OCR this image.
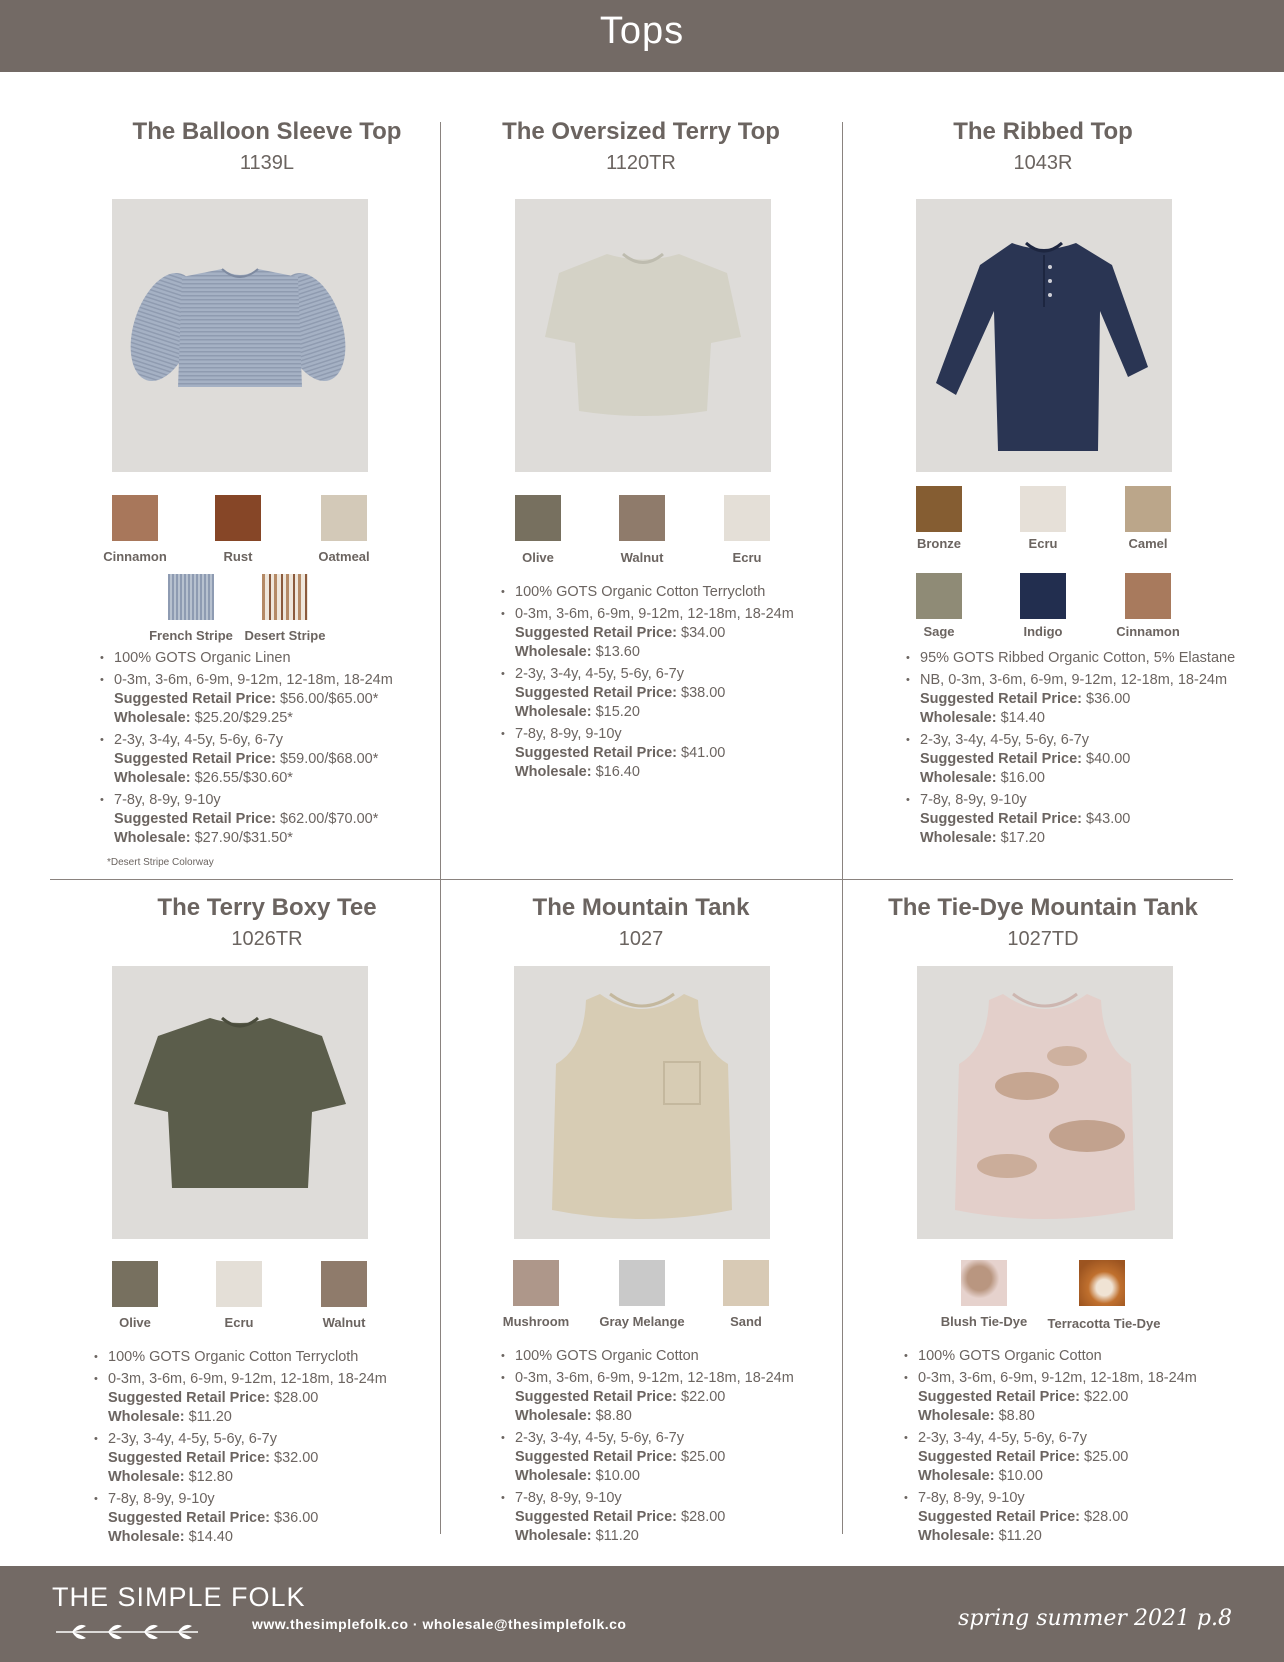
Tops
The Balloon Sleeve Top
1139L
Cinnamon	Rust	Oatmeal
French Stripe Desert Stripe
• 100% GOTS Organic Linen
• 0-3m, 3-6m, 6-9m, 9-12m, 12-18m, 18-24m
Suggested Retail Price: $56.00/$65.00*
Wholesale: $25.20/$29.25*
• 2-3y, 3-4y, 4-5y, 5-6y, 6-7y
Suggested Retail Price: $59.00/$68.00*
Wholesale: $26.55/$30.60*
• 7-8y, 8-9y, 9-10y
Suggested Retail Price: $62.00/$70.00*
Wholesale: $27.90/$31.50*
*Desert Stripe Colorway
The Oversized Terry Top
1120TR
Olive	Walnut	Ecru
• 100% GOTS Organic Cotton Terrycloth
• 0-3m, 3-6m, 6-9m, 9-12m, 12-18m, 18-24m
Suggested Retail Price: $34.00
Wholesale: $13.60
• 2-3y, 3-4y, 4-5y, 5-6y, 6-7y
Suggested Retail Price: $38.00
Wholesale: $15.20
• 7-8y, 8-9y, 9-10y
Suggested Retail Price: $41.00
Wholesale: $16.40
The Ribbed Top
1043R
Bronze	Ecru	Camel
Sage	Indigo	Cinnamon
• 95% GOTS Ribbed Organic Cotton, 5% Elastane
• NB, 0-3m, 3-6m, 6-9m, 9-12m, 12-18m, 18-24m
Suggested Retail Price: $36.00
Wholesale: $14.40
• 2-3y, 3-4y, 4-5y, 5-6y, 6-7y
Suggested Retail Price: $40.00
Wholesale: $16.00
• 7-8y, 8-9y, 9-10y
Suggested Retail Price: $43.00
Wholesale: $17.20
The Terry Boxy Tee
1026TR
Olive	Ecru	Walnut
• 100% GOTS Organic Cotton Terrycloth
• 0-3m, 3-6m, 6-9m, 9-12m, 12-18m, 18-24m
Suggested Retail Price: $28.00
Wholesale: $11.20
• 2-3y, 3-4y, 4-5y, 5-6y, 6-7y
Suggested Retail Price: $32.00
Wholesale: $12.80
• 7-8y, 8-9y, 9-10y
Suggested Retail Price: $36.00
Wholesale: $14.40
The Mountain Tank
1027
Mushroom	Gray Melange	Sand
• 100% GOTS Organic Cotton
• 0-3m, 3-6m, 6-9m, 9-12m, 12-18m, 18-24m
Suggested Retail Price: $22.00
Wholesale: $8.80
• 2-3y, 3-4y, 4-5y, 5-6y, 6-7y
Suggested Retail Price: $25.00
Wholesale: $10.00
• 7-8y, 8-9y, 9-10y
Suggested Retail Price: $28.00
Wholesale: $11.20
The Tie-Dye Mountain Tank
1027TD
Blush Tie-Dye	Terracotta Tie-Dye
• 100% GOTS Organic Cotton
• 0-3m, 3-6m, 6-9m, 9-12m, 12-18m, 18-24m
Suggested Retail Price: $22.00
Wholesale: $8.80
• 2-3y, 3-4y, 4-5y, 5-6y, 6-7y
Suggested Retail Price: $25.00
Wholesale: $10.00
• 7-8y, 8-9y, 9-10y
Suggested Retail Price: $28.00
Wholesale: $11.20
THE SIMPLE FOLK
www.thesimplefolk.co · wholesale@thesimplefolk.co	spring summer 2021 p.8
